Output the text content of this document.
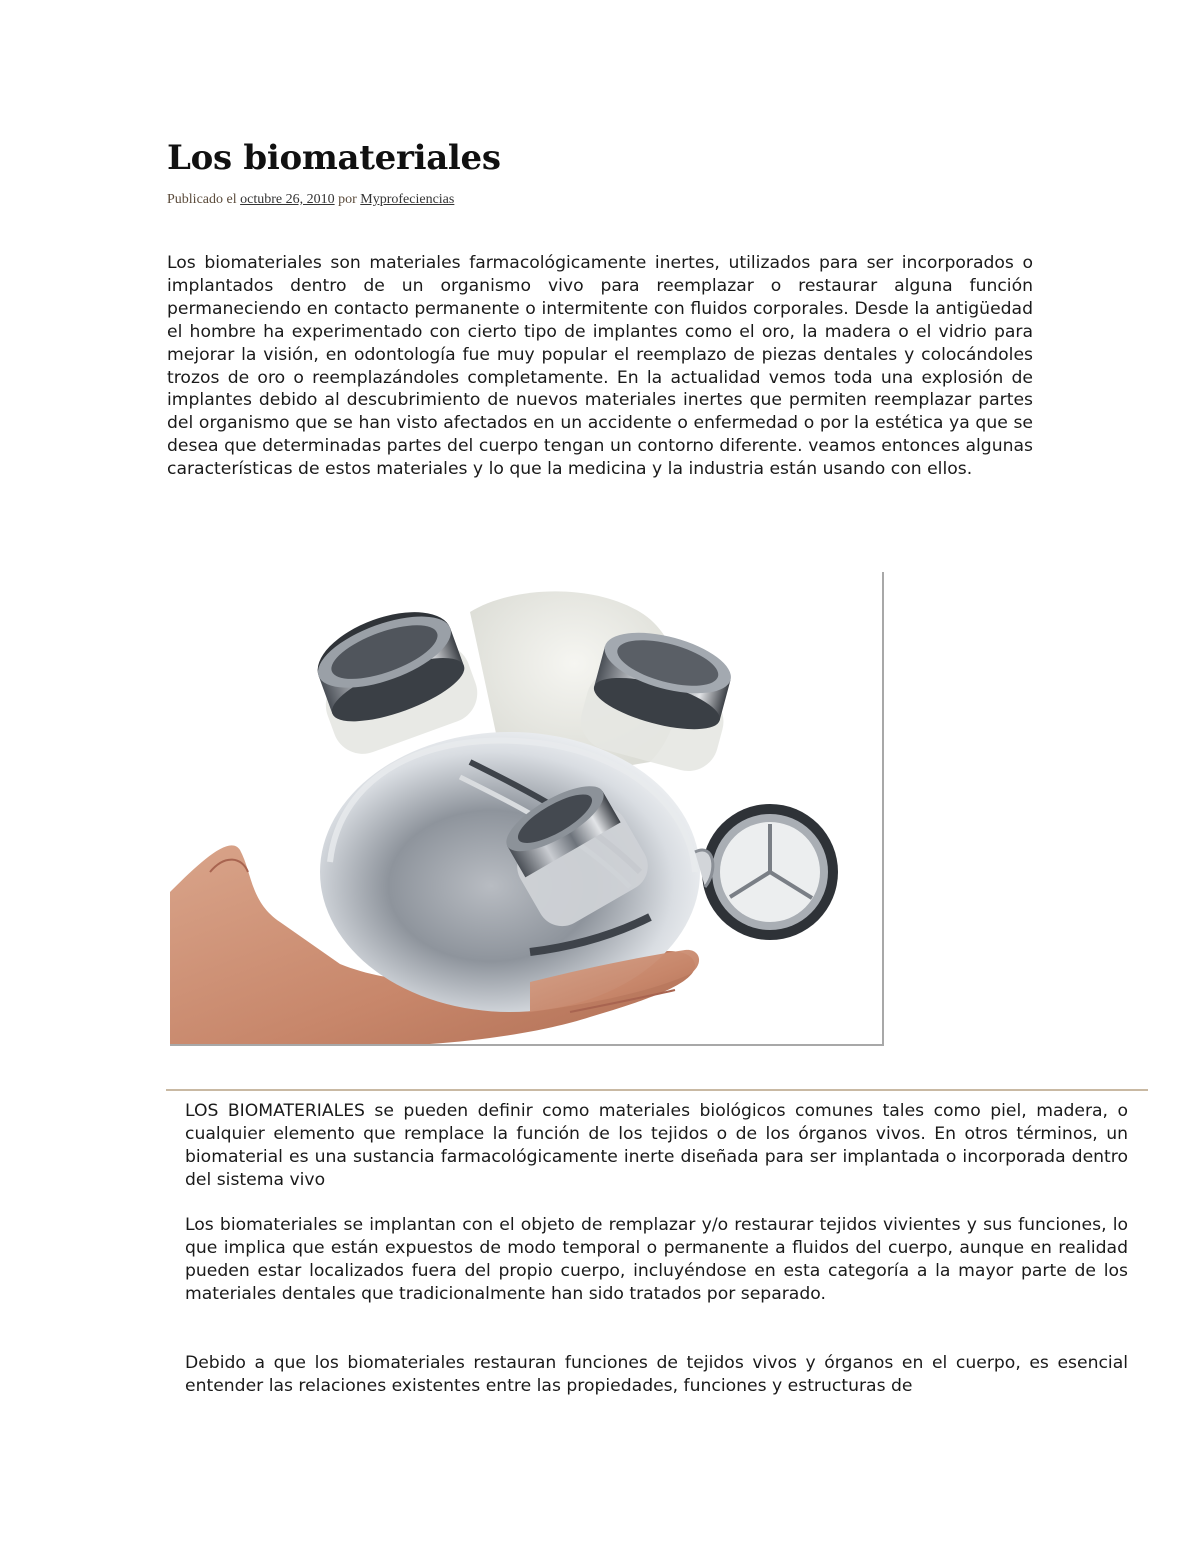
Los biomateriales
Publicado el octubre 26, 2010 por Myprofeciencias

Los biomateriales son materiales farmacológicamente inertes, utilizados para ser incorporados o implantados dentro de un organismo vivo para reemplazar o restaurar alguna función permaneciendo en contacto permanente o intermitente con fluidos corporales. Desde la antigüedad el hombre ha experimentado con cierto tipo de implantes como el oro, la madera o el vidrio para mejorar la visión, en odontología fue muy popular el reemplazo de piezas dentales y colocándoles trozos de oro o reemplazándoles completamente. En la actualidad vemos toda una explosión de implantes debido al descubrimiento de nuevos materiales inertes que permiten reemplazar partes del organismo que se han visto afectados en un accidente o enfermedad o por la estética ya que se desea que determinadas partes del cuerpo tengan un contorno diferente. veamos entonces algunas características de estos materiales y lo que la medicina y la industria están usando con ellos.

LOS BIOMATERIALES se pueden definir como materiales biológicos comunes tales como piel, madera, o cualquier elemento que remplace la función de los tejidos o de los órganos vivos. En otros términos, un biomaterial es una sustancia farmacológicamente inerte diseñada para ser implantada o incorporada dentro del sistema vivo

Los biomateriales se implantan con el objeto de remplazar y/o restaurar tejidos vivientes y sus funciones, lo que implica que están expuestos de modo temporal o permanente a fluidos del cuerpo, aunque en realidad pueden estar localizados fuera del propio cuerpo, incluyéndose en esta categoría a la mayor parte de los materiales dentales que tradicionalmente han sido tratados por separado.

Debido a que los biomateriales restauran funciones de tejidos vivos y órganos en el cuerpo, es esencial entender las relaciones existentes entre las propiedades, funciones y estructuras de
